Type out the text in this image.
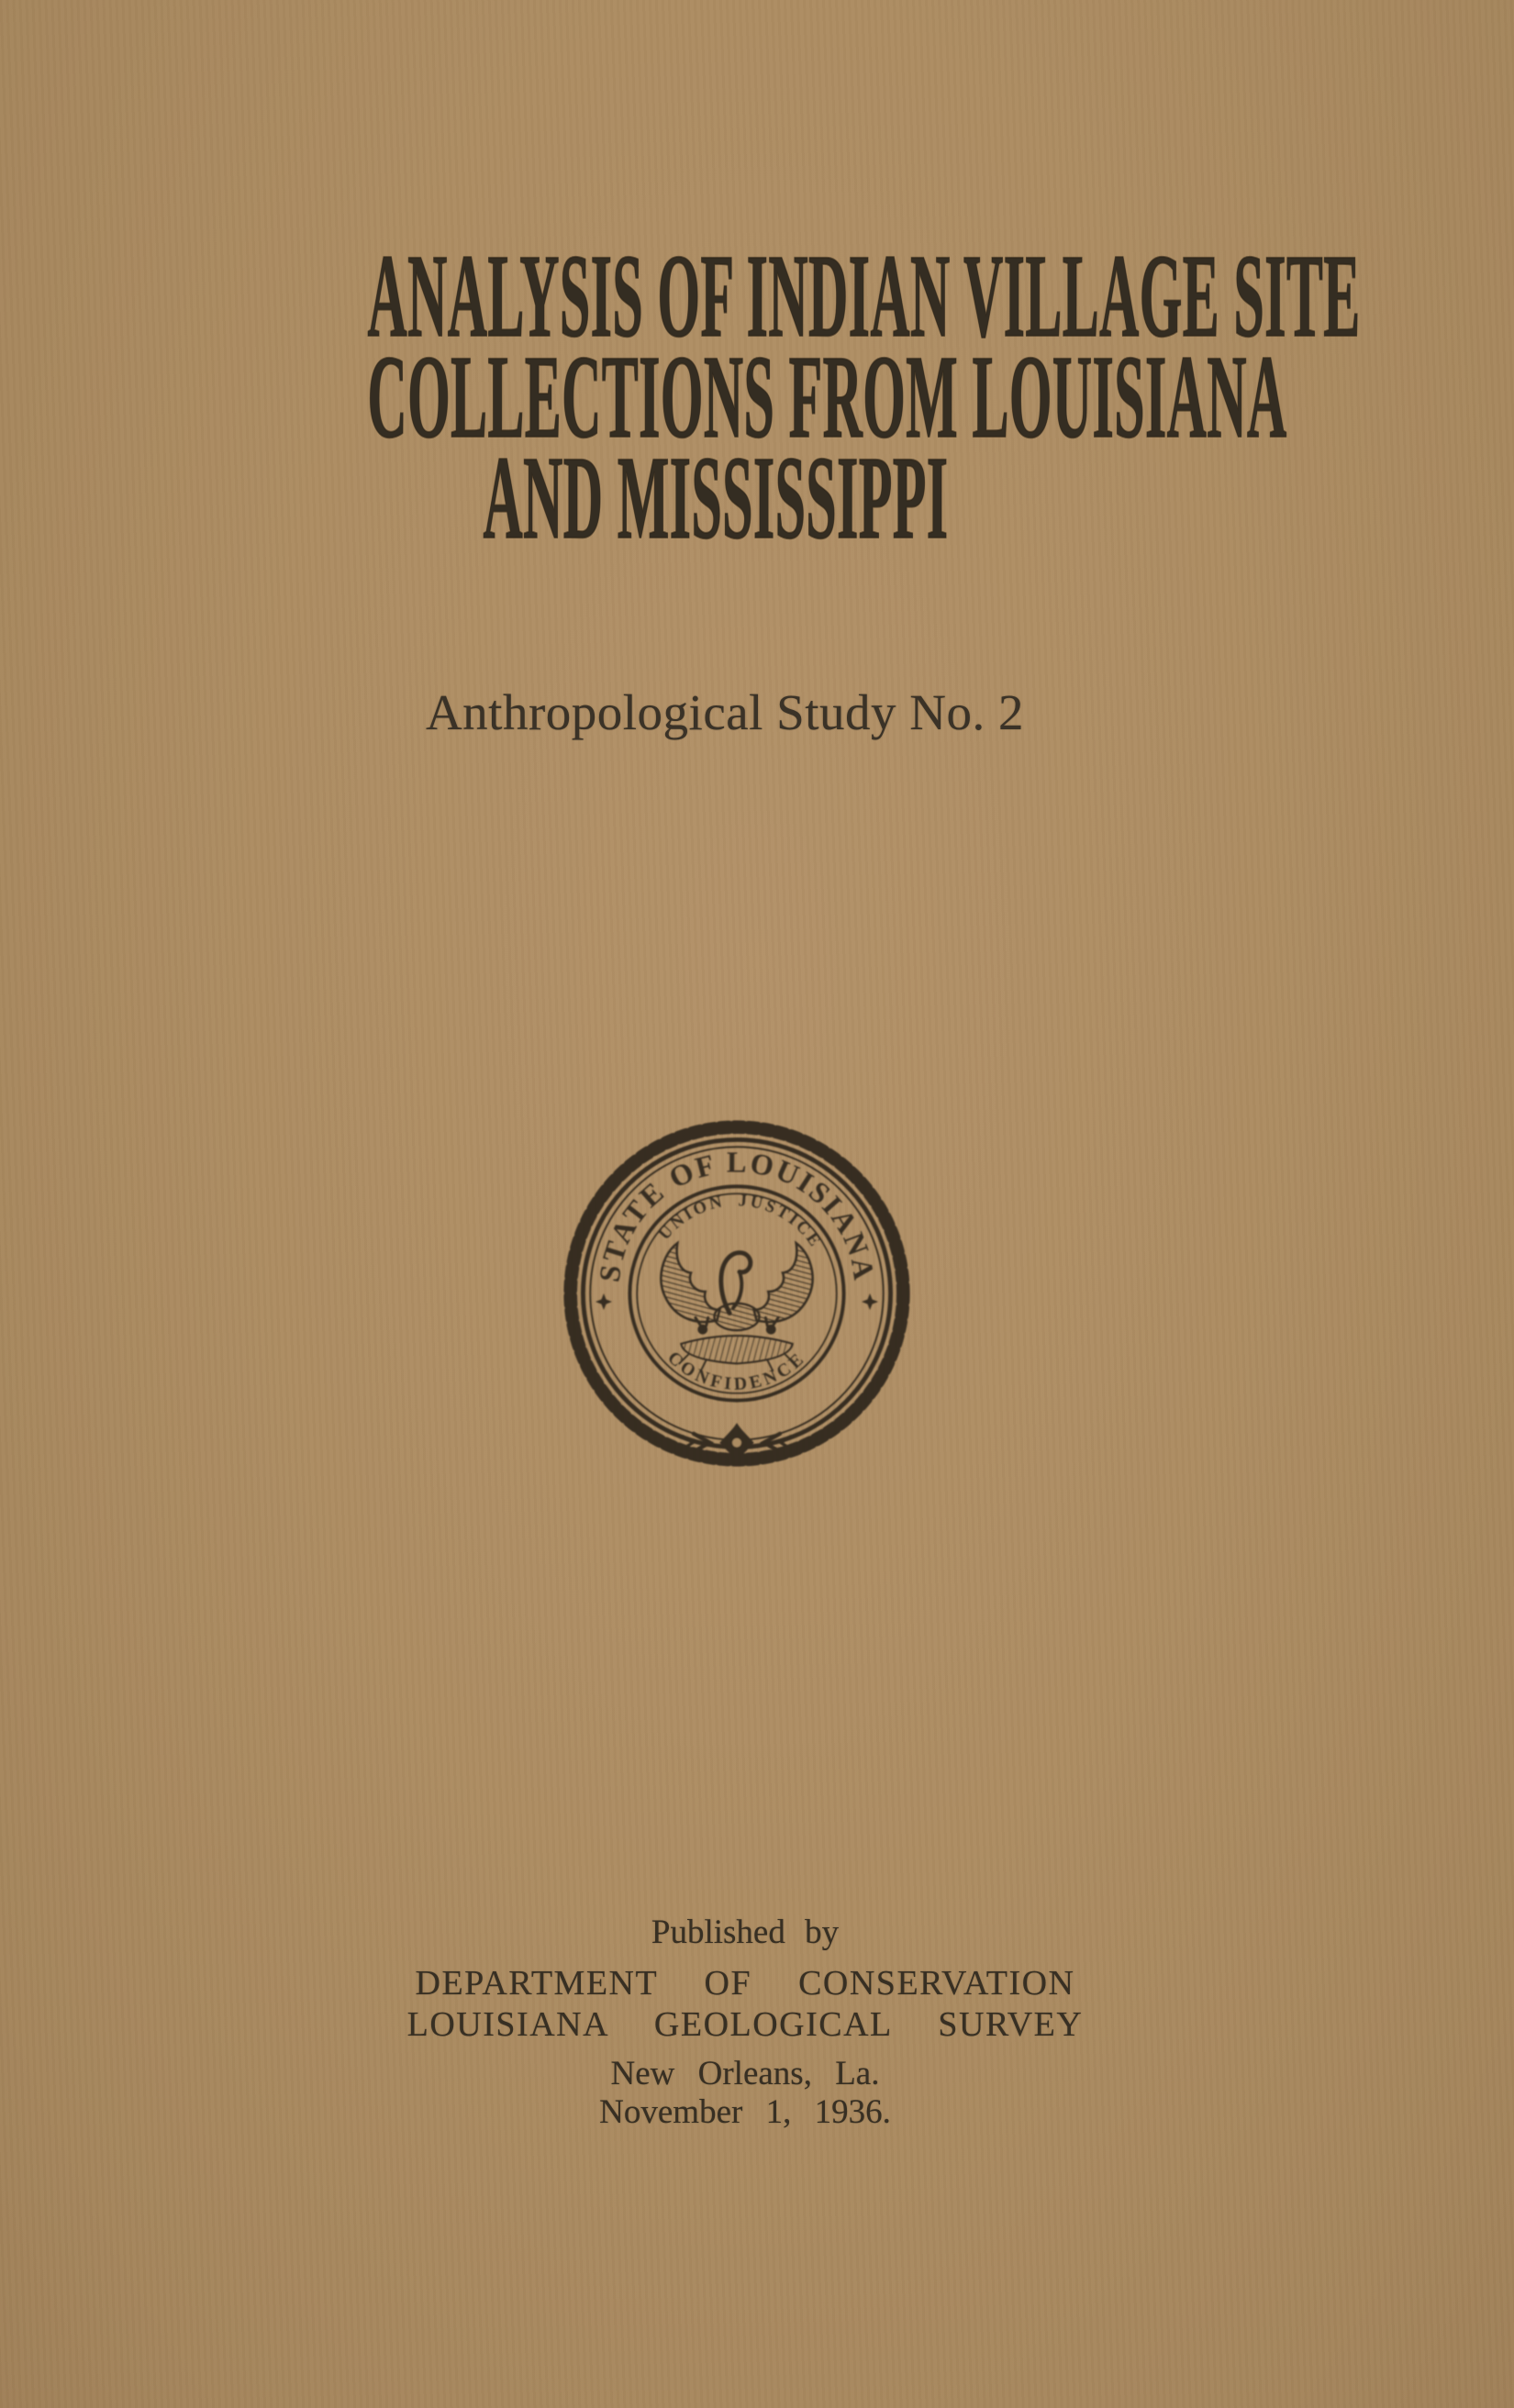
ANALYSIS OF INDIAN VILLAGE SITE
COLLECTIONS FROM LOUISIANA
AND MISSISSIPPI
Anthropological Study No. 2
STATE OF LOUISIANA
UNION JUSTICE
CONFIDENCE
Published by
DEPARTMENT OF CONSERVATION
LOUISIANA GEOLOGICAL SURVEY
New Orleans, La.
November 1, 1936.
